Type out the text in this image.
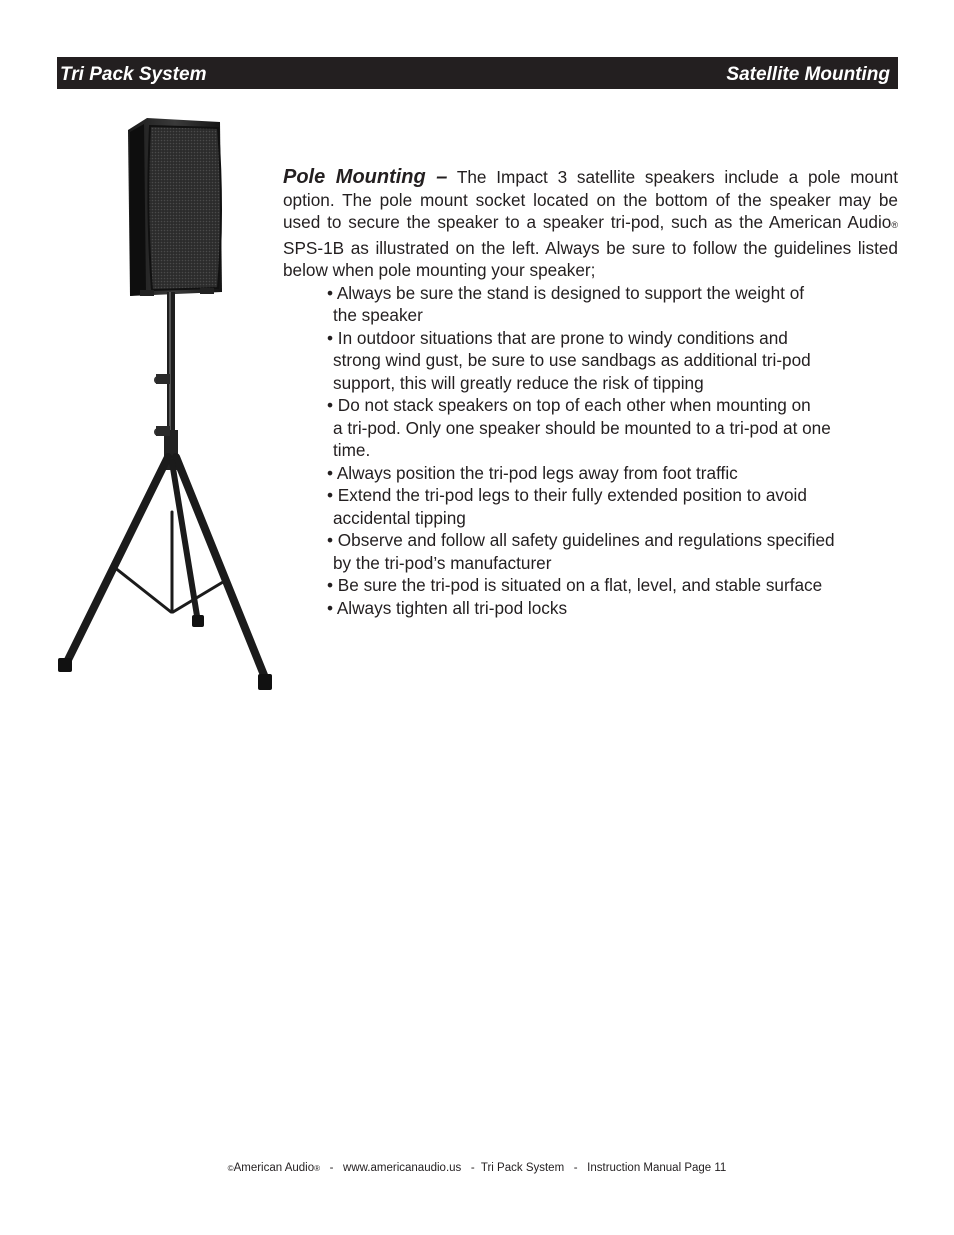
Tri Pack System	Satellite Mounting

Pole Mounting – The Impact 3 satellite speakers include a pole mount option. The pole mount socket located on the bottom of the speaker may be used to secure the speaker to a speaker tri-pod, such as the American Audio® SPS-1B as illustrated on the left. Always be sure to follow the guidelines listed below when pole mounting your speaker;

• Always be sure the stand is designed to support the weight of
the speaker
• In outdoor situations that are prone to windy conditions and
strong wind gust, be sure to use sandbags as additional tri-pod
support, this will greatly reduce the risk of tipping
• Do not stack speakers on top of each other when mounting on
a tri-pod. Only one speaker should be mounted to a tri-pod at one
time.
• Always position the tri-pod legs away from foot traffic
• Extend the tri-pod legs to their fully extended position to avoid
accidental tipping
• Observe and follow all safety guidelines and regulations specified
by the tri-pod’s manufacturer
• Be sure the tri-pod is situated on a flat, level, and stable surface
• Always tighten all tri-pod locks
©American Audio®   -   www.americanaudio.us   -  Tri Pack System   -   Instruction Manual Page 11
